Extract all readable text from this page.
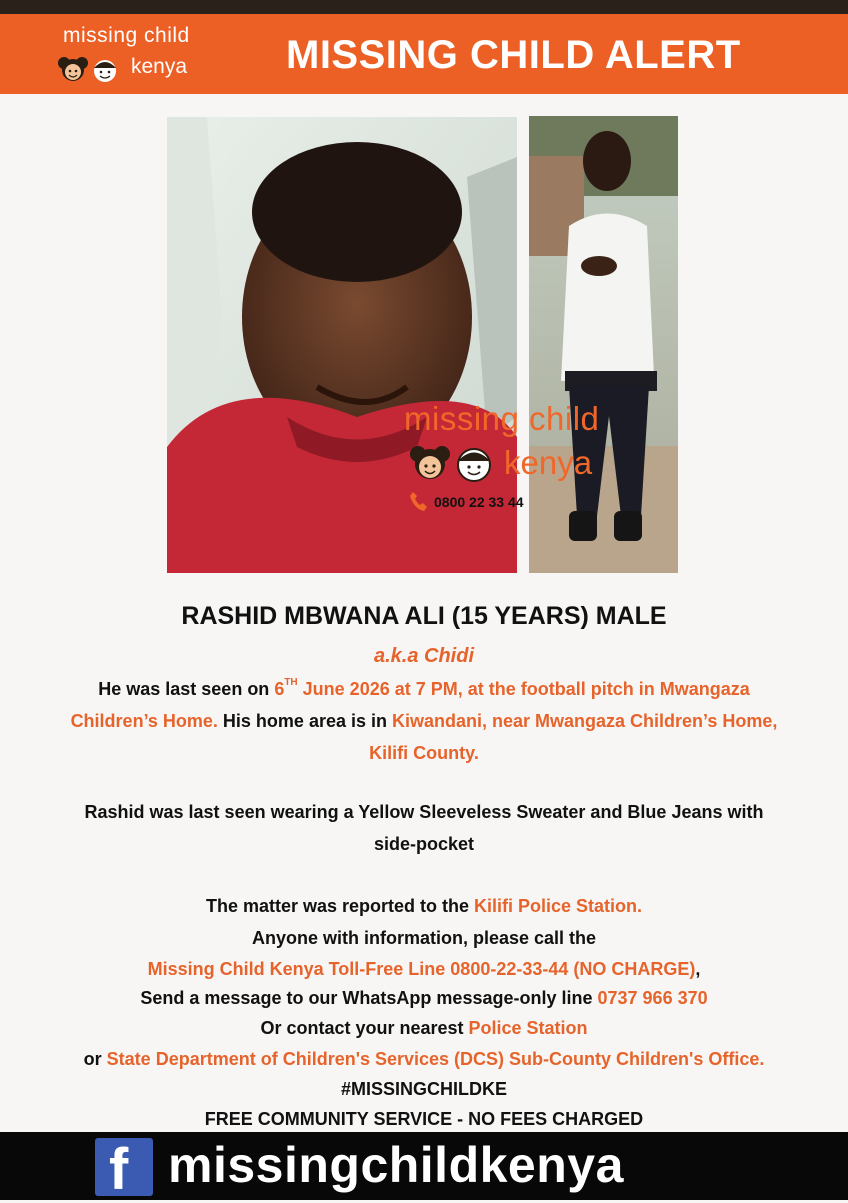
missing child
kenya MISSING CHILD ALERT
missing child
kenya
0800 22 33 44
RASHID MBWANA ALI (15 YEARS) MALE
a.k.a Chidi
He was last seen on 6TH June 2026 at 7 PM, at the football pitch in Mwangaza
Children’s Home. His home area is in Kiwandani, near Mwangaza Children’s Home,
Kilifi County.
Rashid was last seen wearing a Yellow Sleeveless Sweater and Blue Jeans with
side-pocket
The matter was reported to the Kilifi Police Station.
Anyone with information, please call the
Missing Child Kenya Toll-Free Line 0800-22-33-44 (NO CHARGE),
Send a message to our WhatsApp message-only line 0737 966 370
Or contact your nearest Police Station
or State Department of Children's Services (DCS) Sub-County Children's Office.
#MISSINGCHILDKE
FREE COMMUNITY SERVICE - NO FEES CHARGED
f missingchildkenya
